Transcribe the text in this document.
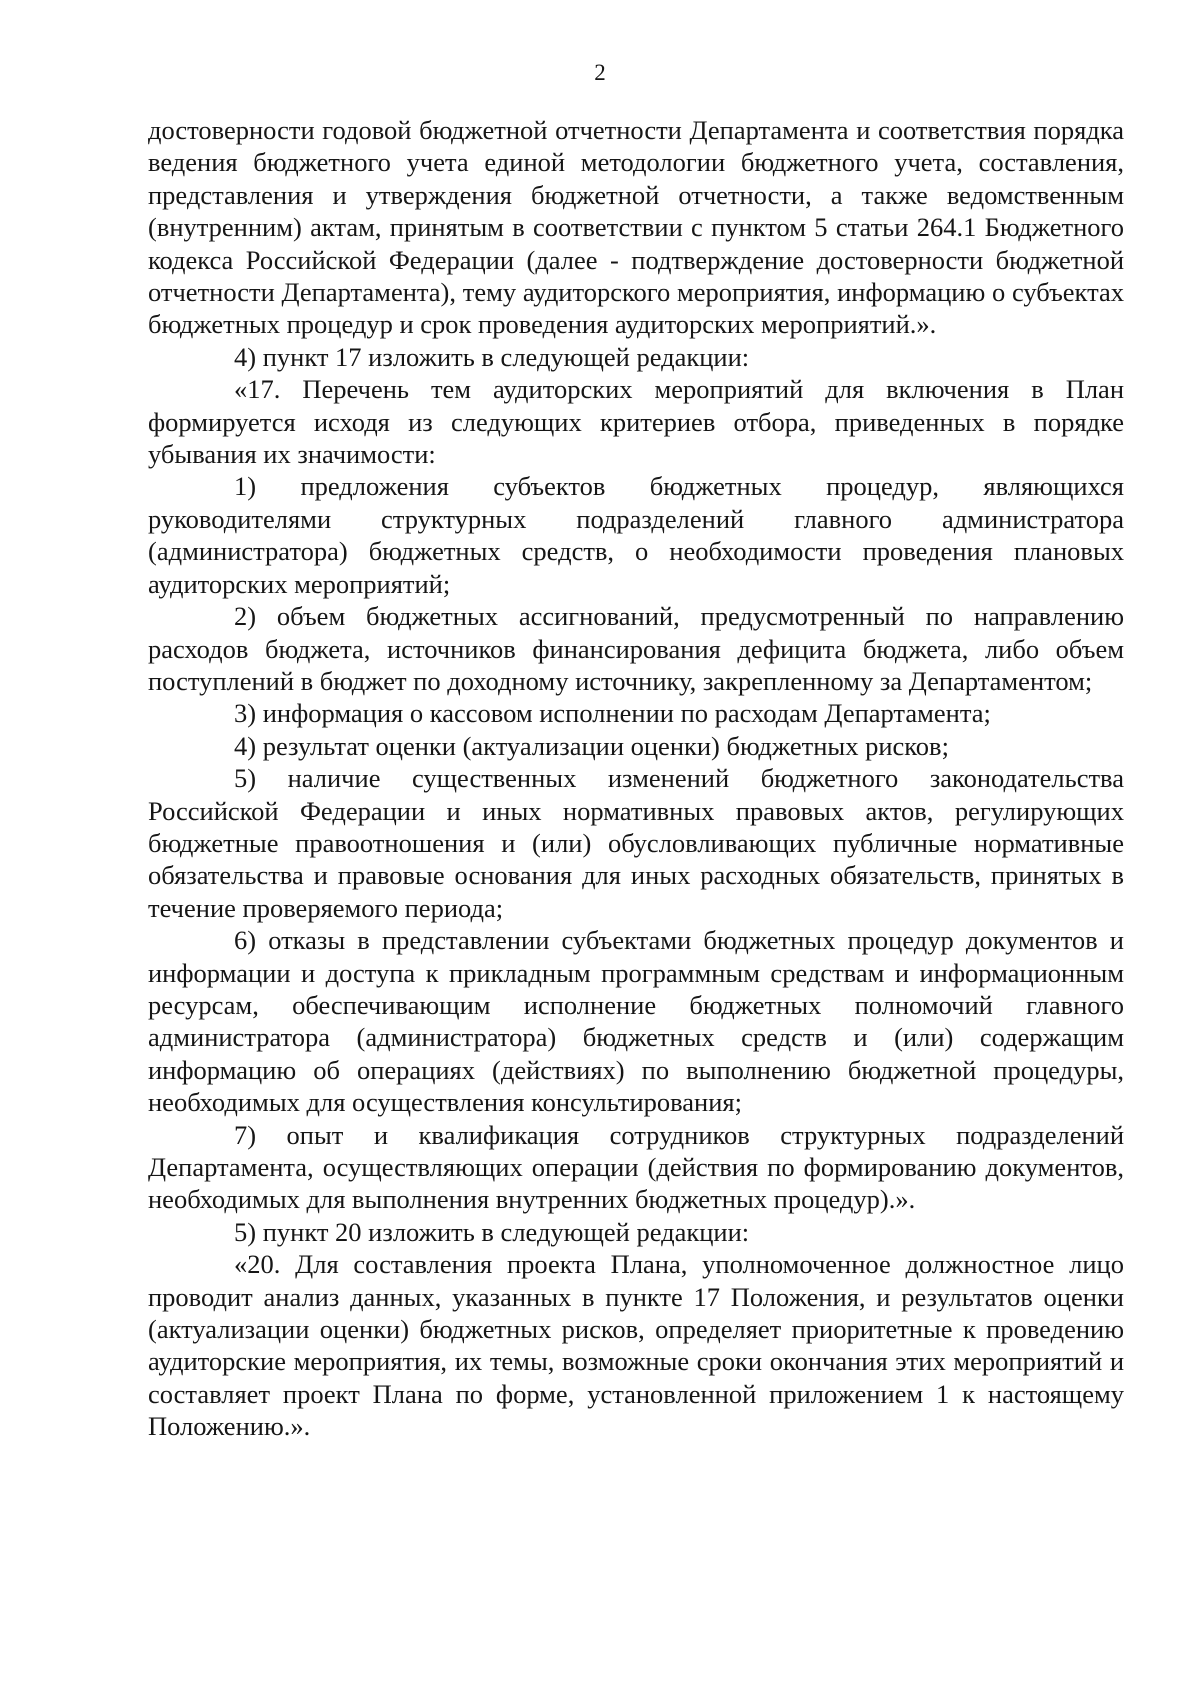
2

достоверности годовой бюджетной отчетности Департамента и соответствия порядка ведения бюджетного учета единой методологии бюджетного учета, составления, представления и утверждения бюджетной отчетности, а также ведомственным (внутренним) актам, принятым в соответствии с пунктом 5 статьи 264.1 Бюджетного кодекса Российской Федерации (далее - подтверждение достоверности бюджетной отчетности Департамента), тему аудиторского мероприятия, информацию о субъектах бюджетных процедур и срок проведения аудиторских мероприятий.».

4) пункт 17 изложить в следующей редакции:

«17. Перечень тем аудиторских мероприятий для включения в План формируется исходя из следующих критериев отбора, приведенных в порядке убывания их значимости:

1) предложения субъектов бюджетных процедур, являющихся руководителями структурных подразделений главного администратора (администратора) бюджетных средств, о необходимости проведения плановых аудиторских мероприятий;

2) объем бюджетных ассигнований, предусмотренный по направлению расходов бюджета, источников финансирования дефицита бюджета, либо объем поступлений в бюджет по доходному источнику, закрепленному за Департаментом;

3) информация о кассовом исполнении по расходам Департамента;

4) результат оценки (актуализации оценки) бюджетных рисков;

5) наличие существенных изменений бюджетного законодательства Российской Федерации и иных нормативных правовых актов, регулирующих бюджетные правоотношения и (или) обусловливающих публичные нормативные обязательства и правовые основания для иных расходных обязательств, принятых в течение проверяемого периода;

6) отказы в представлении субъектами бюджетных процедур документов и информации и доступа к прикладным программным средствам и информационным ресурсам, обеспечивающим исполнение бюджетных полномочий главного администратора (администратора) бюджетных средств и (или) содержащим информацию об операциях (действиях) по выполнению бюджетной процедуры, необходимых для осуществления консультирования;

7) опыт и квалификация сотрудников структурных подразделений Департамента, осуществляющих операции (действия по формированию документов, необходимых для выполнения внутренних бюджетных процедур).».

5) пункт 20 изложить в следующей редакции:

«20. Для составления проекта Плана, уполномоченное должностное лицо проводит анализ данных, указанных в пункте 17 Положения, и результатов оценки (актуализации оценки) бюджетных рисков, определяет приоритетные к проведению аудиторские мероприятия, их темы, возможные сроки окончания этих мероприятий и составляет проект Плана по форме, установленной приложением 1 к настоящему Положению.».
